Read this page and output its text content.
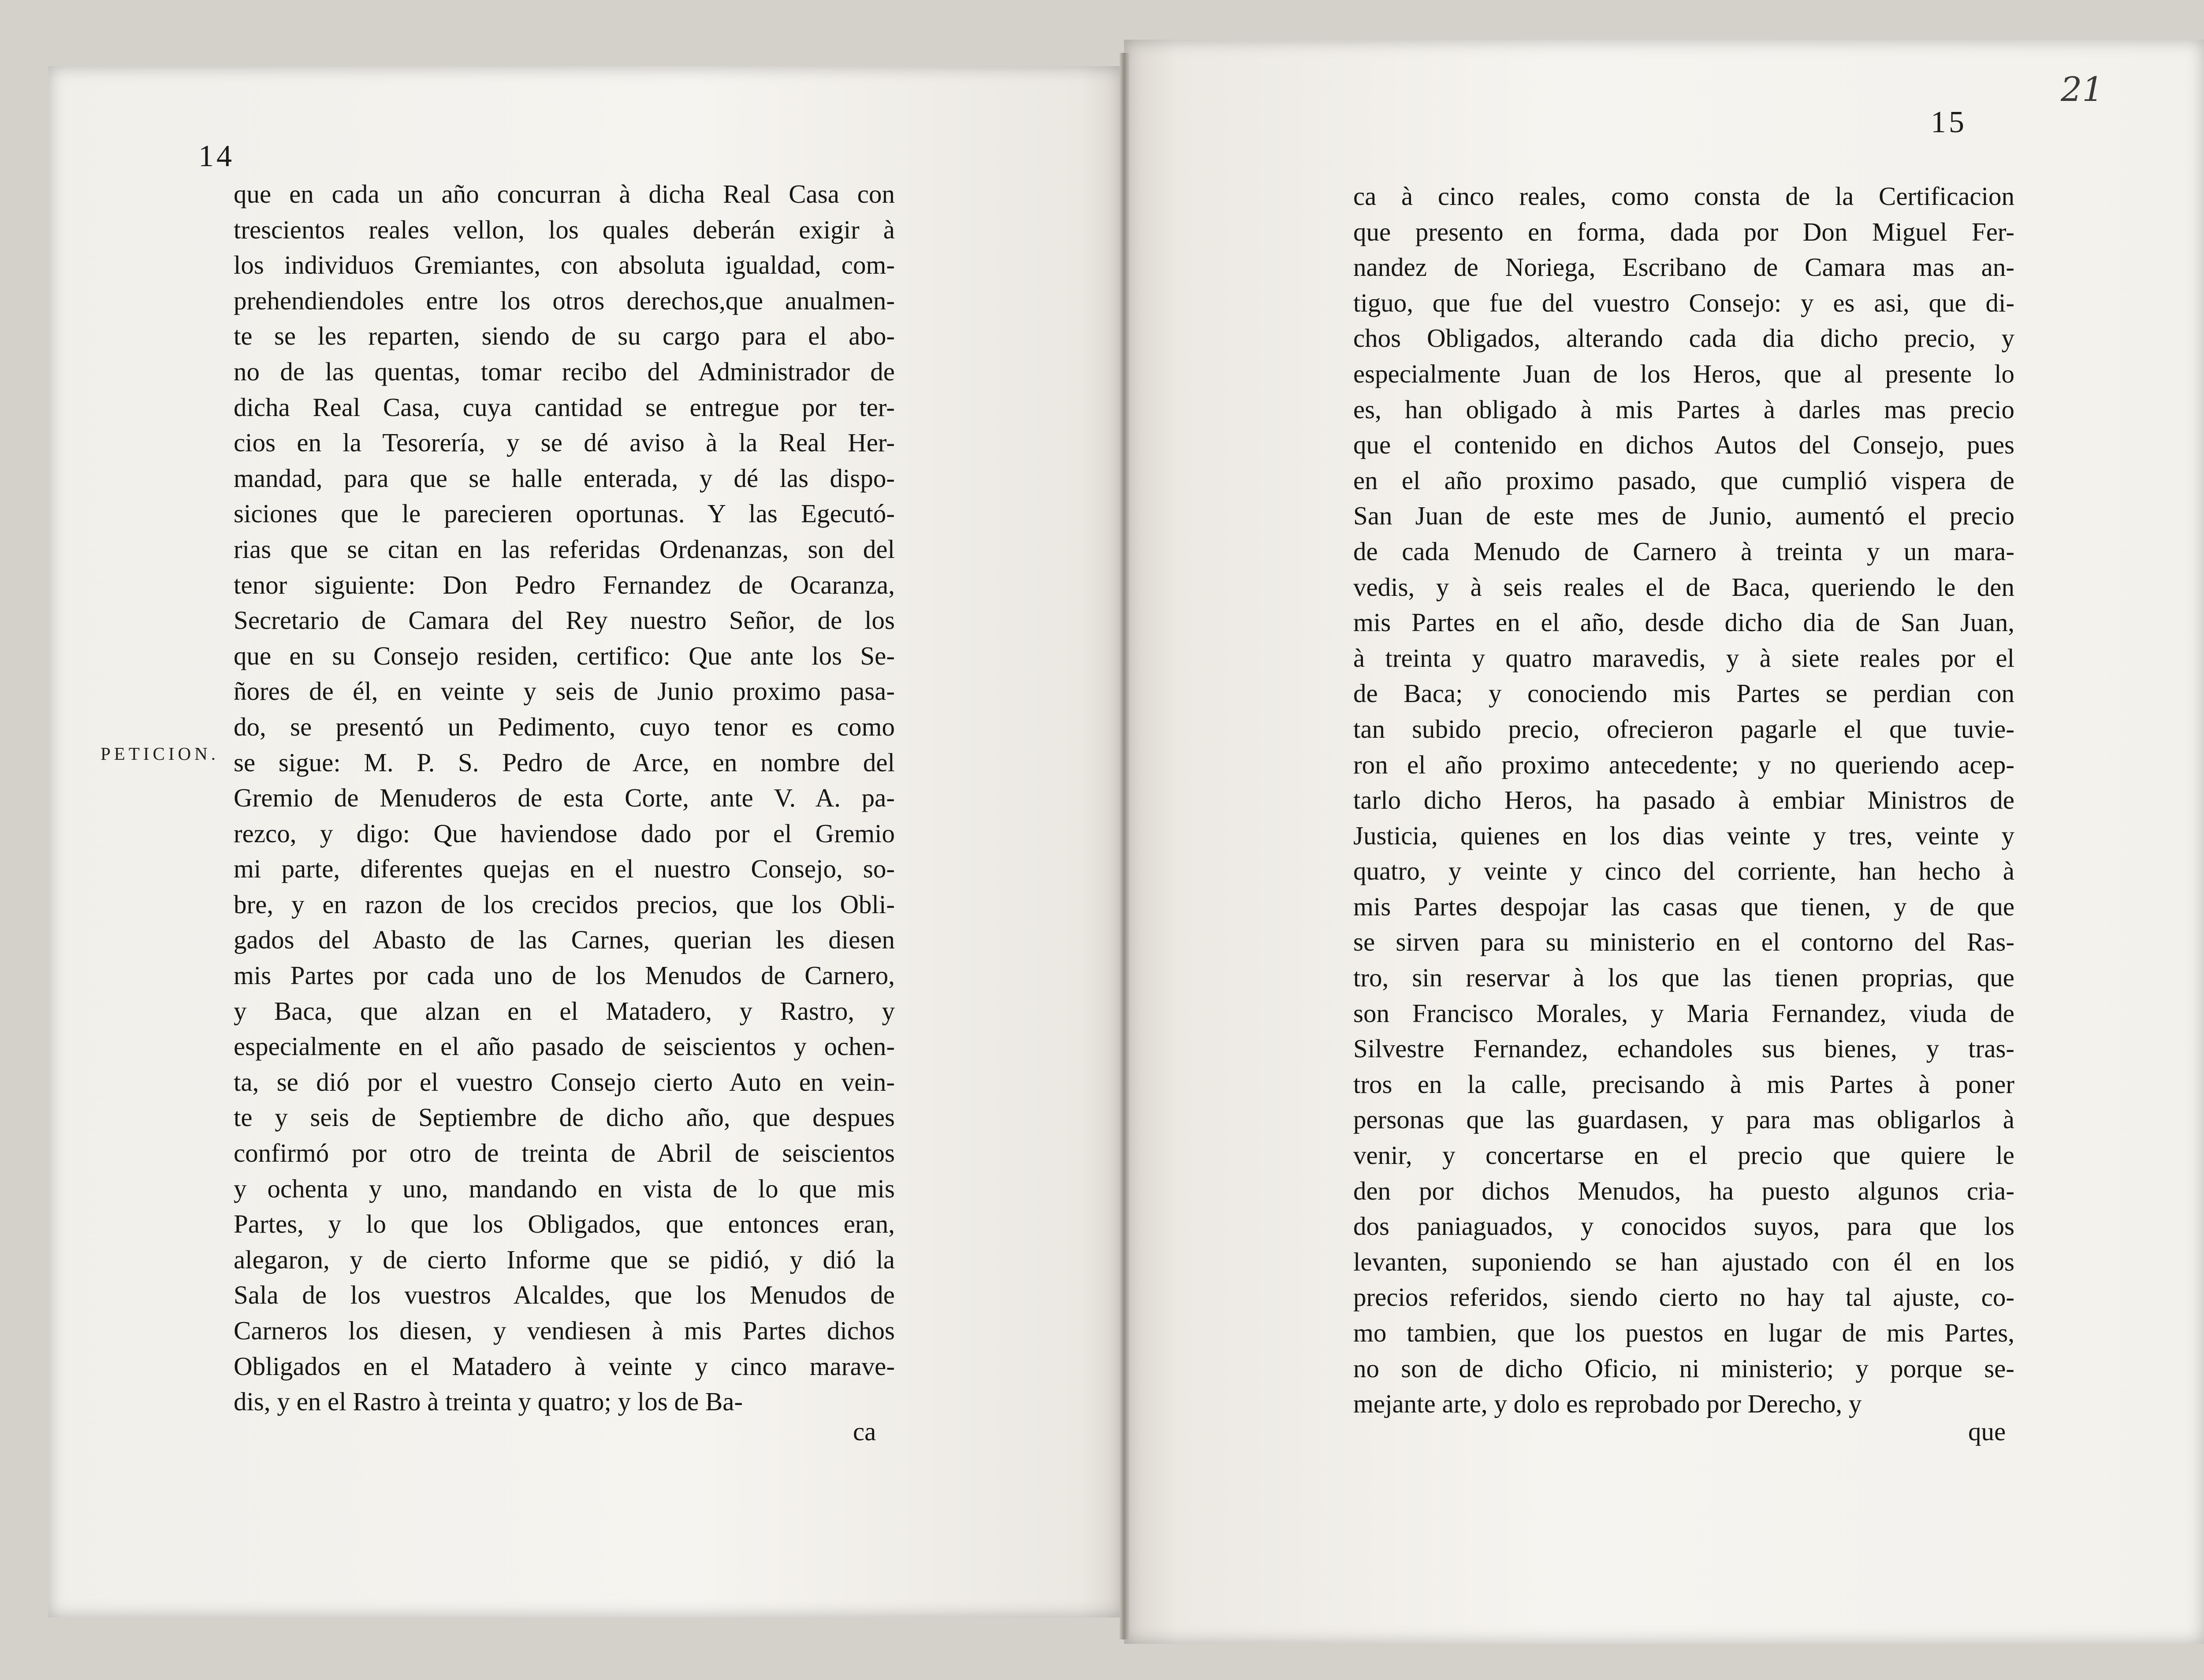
14
15
21
PETICION.
que en cada un año concurran à dicha Real Casa con
trescientos reales vellon, los quales deberán exigir à
los individuos Gremiantes, con absoluta igualdad, com-
prehendiendoles entre los otros derechos,que anualmen-
te se les reparten, siendo de su cargo para el abo-
no de las quentas, tomar recibo del Administrador de
dicha Real Casa, cuya cantidad se entregue por ter-
cios en la Tesorería, y se dé aviso à la Real Her-
mandad, para que se halle enterada, y dé las dispo-
siciones que le parecieren oportunas. Y las Egecutó-
rias que se citan en las referidas Ordenanzas, son del
tenor siguiente: Don Pedro Fernandez de Ocaranza,
Secretario de Camara del Rey nuestro Señor, de los
que en su Consejo residen, certifico: Que ante los Se-
ñores de él, en veinte y seis de Junio proximo pasa-
do, se presentó un Pedimento, cuyo tenor es como
se sigue: M. P. S. Pedro de Arce, en nombre del
Gremio de Menuderos de esta Corte, ante V. A. pa-
rezco, y digo: Que haviendose dado por el Gremio
mi parte, diferentes quejas en el nuestro Consejo, so-
bre, y en razon de los crecidos precios, que los Obli-
gados del Abasto de las Carnes, querian les diesen
mis Partes por cada uno de los Menudos de Carnero,
y Baca, que alzan en el Matadero, y Rastro, y
especialmente en el año pasado de seiscientos y ochen-
ta, se dió por el vuestro Consejo cierto Auto en vein-
te y seis de Septiembre de dicho año, que despues
confirmó por otro de treinta de Abril de seiscientos
y ochenta y uno, mandando en vista de lo que mis
Partes, y lo que los Obligados, que entonces eran,
alegaron, y de cierto Informe que se pidió, y dió la
Sala de los vuestros Alcaldes, que los Menudos de
Carneros los diesen, y vendiesen à mis Partes dichos
Obligados en el Matadero à veinte y cinco marave-
dis, y en el Rastro à treinta y quatro; y los de Ba-
ca à cinco reales, como consta de la Certificacion
que presento en forma, dada por Don Miguel Fer-
nandez de Noriega, Escribano de Camara mas an-
tiguo, que fue del vuestro Consejo: y es asi, que di-
chos Obligados, alterando cada dia dicho precio, y
especialmente Juan de los Heros, que al presente lo
es, han obligado à mis Partes à darles mas precio
que el contenido en dichos Autos del Consejo, pues
en el año proximo pasado, que cumplió vispera de
San Juan de este mes de Junio, aumentó el precio
de cada Menudo de Carnero à treinta y un mara-
vedis, y à seis reales el de Baca, queriendo le den
mis Partes en el año, desde dicho dia de San Juan,
à treinta y quatro maravedis, y à siete reales por el
de Baca; y conociendo mis Partes se perdian con
tan subido precio, ofrecieron pagarle el que tuvie-
ron el año proximo antecedente; y no queriendo acep-
tarlo dicho Heros, ha pasado à embiar Ministros de
Justicia, quienes en los dias veinte y tres, veinte y
quatro, y veinte y cinco del corriente, han hecho à
mis Partes despojar las casas que tienen, y de que
se sirven para su ministerio en el contorno del Ras-
tro, sin reservar à los que las tienen proprias, que
son Francisco Morales, y Maria Fernandez, viuda de
Silvestre Fernandez, echandoles sus bienes, y tras-
tros en la calle, precisando à mis Partes à poner
personas que las guardasen, y para mas obligarlos à
venir, y concertarse en el precio que quiere le
den por dichos Menudos, ha puesto algunos cria-
dos paniaguados, y conocidos suyos, para que los
levanten, suponiendo se han ajustado con él en los
precios referidos, siendo cierto no hay tal ajuste, co-
mo tambien, que los puestos en lugar de mis Partes,
no son de dicho Oficio, ni ministerio; y porque se-
mejante arte, y dolo es reprobado por Derecho, y
ca	que
